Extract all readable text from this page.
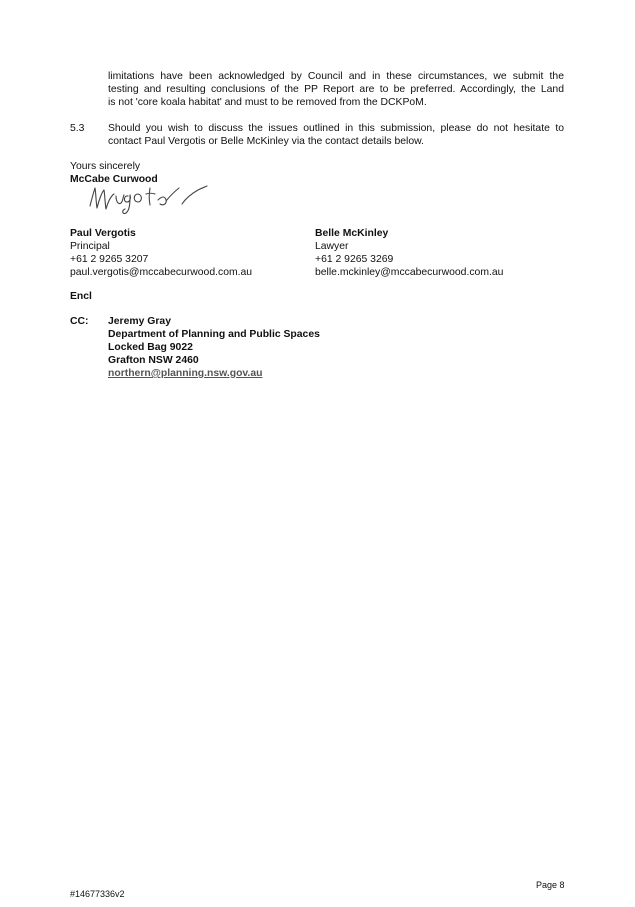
limitations have been acknowledged by Council and in these circumstances, we submit the
testing and resulting conclusions of the PP Report are to be preferred. Accordingly, the Land
is not 'core koala habitat' and must to be removed from the DCKPoM.
5.3 Should you wish to discuss the issues outlined in this submission, please do not hesitate to
contact Paul Vergotis or Belle McKinley via the contact details below.
Yours sincerely
McCabe Curwood
Paul Vergotis
Principal
+61 2 9265 3207
paul.vergotis@mccabecurwood.com.au
Belle McKinley
Lawyer
+61 2 9265 3269
belle.mckinley@mccabecurwood.com.au
Encl
CC: Jeremy Gray
Department of Planning and Public Spaces
Locked Bag 9022
Grafton NSW 2460
northern@planning.nsw.gov.au
Page 8
#14677336v2
